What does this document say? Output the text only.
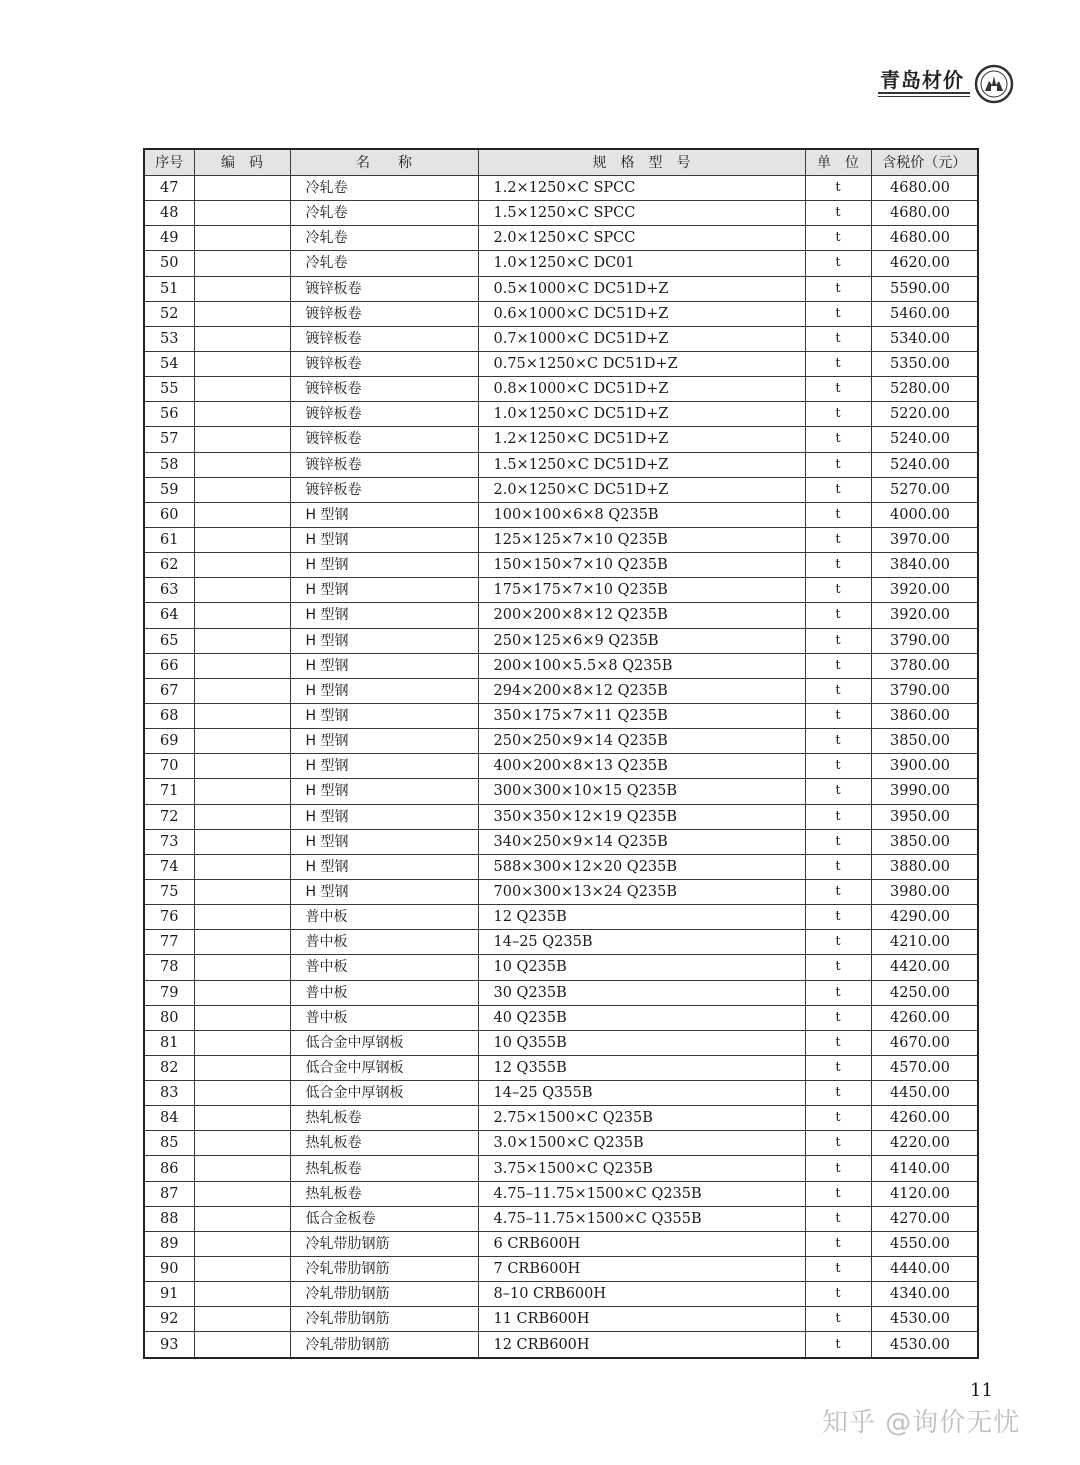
青岛材价
序号	编　码	名　　称	规　格　型　号	单　位	含税价（元）
47		冷轧卷	1.2×1250×C SPCC	t	4680.00
48		冷轧卷	1.5×1250×C SPCC	t	4680.00
49		冷轧卷	2.0×1250×C SPCC	t	4680.00
50		冷轧卷	1.0×1250×C DC01	t	4620.00
51		镀锌板卷	0.5×1000×C DC51D+Z	t	5590.00
52		镀锌板卷	0.6×1000×C DC51D+Z	t	5460.00
53		镀锌板卷	0.7×1000×C DC51D+Z	t	5340.00
54		镀锌板卷	0.75×1250×C DC51D+Z	t	5350.00
55		镀锌板卷	0.8×1000×C DC51D+Z	t	5280.00
56		镀锌板卷	1.0×1250×C DC51D+Z	t	5220.00
57		镀锌板卷	1.2×1250×C DC51D+Z	t	5240.00
58		镀锌板卷	1.5×1250×C DC51D+Z	t	5240.00
59		镀锌板卷	2.0×1250×C DC51D+Z	t	5270.00
60		H 型钢	100×100×6×8 Q235B	t	4000.00
61		H 型钢	125×125×7×10 Q235B	t	3970.00
62		H 型钢	150×150×7×10 Q235B	t	3840.00
63		H 型钢	175×175×7×10 Q235B	t	3920.00
64		H 型钢	200×200×8×12 Q235B	t	3920.00
65		H 型钢	250×125×6×9 Q235B	t	3790.00
66		H 型钢	200×100×5.5×8 Q235B	t	3780.00
67		H 型钢	294×200×8×12 Q235B	t	3790.00
68		H 型钢	350×175×7×11 Q235B	t	3860.00
69		H 型钢	250×250×9×14 Q235B	t	3850.00
70		H 型钢	400×200×8×13 Q235B	t	3900.00
71		H 型钢	300×300×10×15 Q235B	t	3990.00
72		H 型钢	350×350×12×19 Q235B	t	3950.00
73		H 型钢	340×250×9×14 Q235B	t	3850.00
74		H 型钢	588×300×12×20 Q235B	t	3880.00
75		H 型钢	700×300×13×24 Q235B	t	3980.00
76		普中板	12 Q235B	t	4290.00
77		普中板	14–25 Q235B	t	4210.00
78		普中板	10 Q235B	t	4420.00
79		普中板	30 Q235B	t	4250.00
80		普中板	40 Q235B	t	4260.00
81		低合金中厚钢板	10 Q355B	t	4670.00
82		低合金中厚钢板	12 Q355B	t	4570.00
83		低合金中厚钢板	14–25 Q355B	t	4450.00
84		热轧板卷	2.75×1500×C Q235B	t	4260.00
85		热轧板卷	3.0×1500×C Q235B	t	4220.00
86		热轧板卷	3.75×1500×C Q235B	t	4140.00
87		热轧板卷	4.75–11.75×1500×C Q235B	t	4120.00
88		低合金板卷	4.75–11.75×1500×C Q355B	t	4270.00
89		冷轧带肋钢筋	6 CRB600H	t	4550.00
90		冷轧带肋钢筋	7 CRB600H	t	4440.00
91		冷轧带肋钢筋	8–10 CRB600H	t	4340.00
92		冷轧带肋钢筋	11 CRB600H	t	4530.00
93		冷轧带肋钢筋	12 CRB600H	t	4530.00
11
知乎 @询价无忧
